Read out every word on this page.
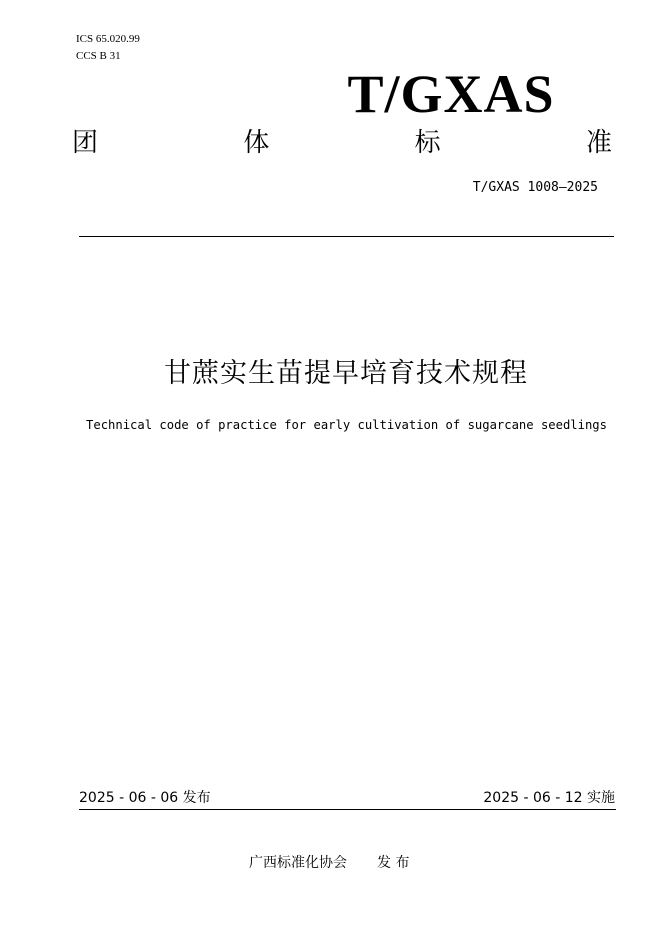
ICS 65.020.99
CCS B 31
T/GXAS
团	体	标	准
T/GXAS 1008—2025
甘蔗实生苗提早培育技术规程
Technical code of practice for early cultivation of sugarcane seedlings
2025 - 06 - 06 发布	2025 - 06 - 12 实施
广西标准化协会 发 布
